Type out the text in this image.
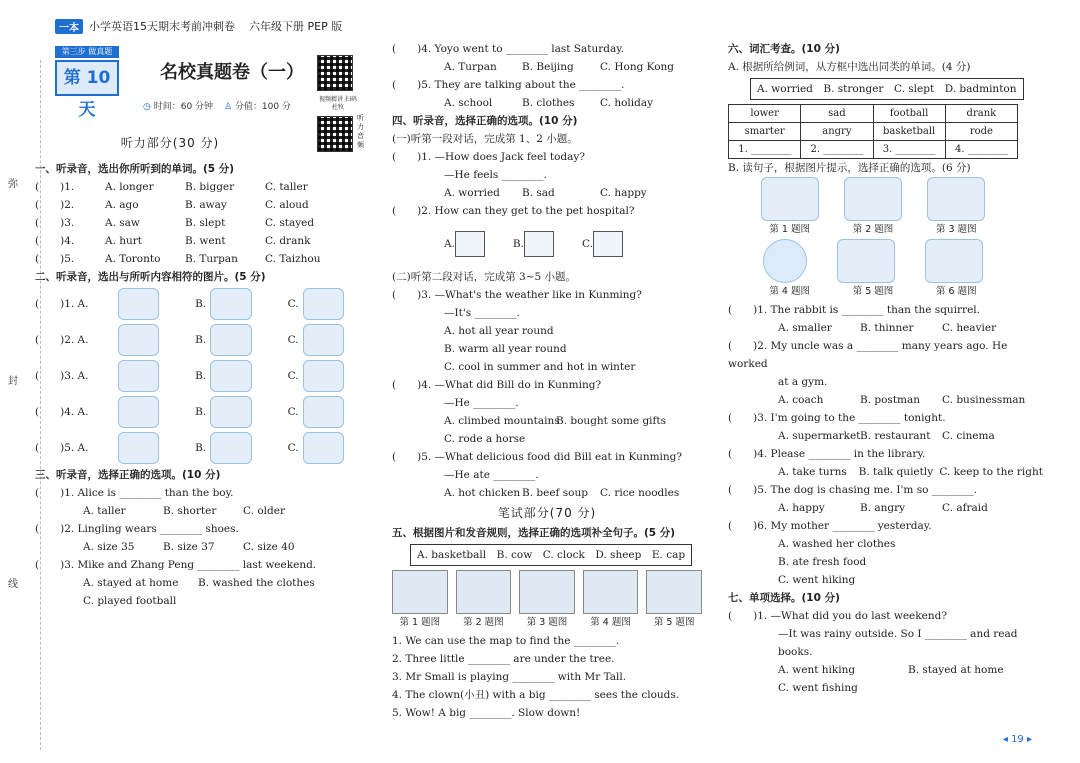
一本 小学英语15天期末考前冲刺卷 六年级下册 PEP 版
弥
封
线
第三步 做真题
第 10 天
名校真题卷（一）
◷ 时间：60 分钟 ♙ 分值：100 分
视频精讲 扫码杜牧
听力音频
听力部分(30 分)
一、听录音，选出你所听到的单词。(5 分)
(　　)1.	A. longer	B. bigger	C. taller
(　　)2.	A. ago	B. away	C. aloud
(　　)3.	A. saw	B. slept	C. stayed
(　　)4.	A. hurt	B. went	C. drank
(　　)5.	A. Toronto	B. Turpan	C. Taizhou
二、听录音，选出与所听内容相符的图片。(5 分)
(　　)1. A.	B.	C.
(　　)2. A.	B.	C.
(　　)3. A.	B.	C.
(　　)4. A.	B.	C.
(　　)5. A.	B.	C.
三、听录音，选择正确的选项。(10 分)
(　　)1. Alice is ________ than the boy.
A. taller	B. shorter	C. older
(　　)2. Lingling wears ________ shoes.
A. size 35	B. size 37	C. size 40
(　　)3. Mike and Zhang Peng ________ last weekend.
A. stayed at home	B. washed the clothes
C. played football
(　　)4. Yoyo went to ________ last Saturday.
A. Turpan	B. Beijing	C. Hong Kong
(　　)5. They are talking about the ________.
A. school	B. clothes	C. holiday
四、听录音，选择正确的选项。(10 分)
(一)听第一段对话，完成第 1、2 小题。
(　　)1. —How does Jack feel today?
—He feels ________.
A. worried	B. sad	C. happy
(　　)2. How can they get to the pet hospital?
A.	B.	C.
(二)听第二段对话，完成第 3~5 小题。
(　　)3. —What's the weather like in Kunming?
—It's ________.
A. hot all year round
B. warm all year round
C. cool in summer and hot in winter
(　　)4. —What did Bill do in Kunming?
—He ________.
A. climbed mountains
B. bought some gifts
C. rode a horse
(　　)5. —What delicious food did Bill eat in Kunming?
—He ate ________.
A. hot chicken B. beef soup	C. rice noodles
笔试部分(70 分)
五、根据图片和发音规则，选择正确的选项补全句子。(5 分)
A. basketball　B. cow　C. clock　D. sheep　E. cap
第 1 题图	第 2 题图	第 3 题图	第 4 题图	第 5 题图
1. We can use the map to find the ________.
2. Three little ________ are under the tree.
3. Mr Small is playing ________ with Mr Tall.
4. The clown(小丑) with a big ________ sees the clouds.
5. Wow! A big ________. Slow down!
六、词汇考查。(10 分)
A. 根据所给例词，从方框中选出同类的单词。(4 分)
A. worried　B. stronger　C. slept　D. badminton
lower	sad	football	drank
smarter	angry	basketball	rode
1. ________	2. ________	3. ________	4. ________
B. 读句子，根据图片提示，选择正确的选项。(6 分)
第 1 题图	第 2 题图	第 3 题图
第 4 题图	第 5 题图	第 6 题图
(　　)1. The rabbit is ________ than the squirrel.
A. smaller	B. thinner	C. heavier
(　　)2. My uncle was a ________ many years ago. He worked
at a gym.
A. coach	B. postman	C. businessman
(　　)3. I'm going to the ________ tonight.
A. supermarket B. restaurant	C. cinema
(　　)4. Please ________ in the library.
A. take turns	B. talk quietly C. keep to the right
(　　)5. The dog is chasing me. I'm so ________.
A. happy	B. angry	C. afraid
(　　)6. My mother ________ yesterday.
A. washed her clothes
B. ate fresh food
C. went hiking
七、单项选择。(10 分)
(　　)1. —What did you do last weekend?
—It was rainy outside. So I ________ and read books.
A. went hiking	B. stayed at home
C. went fishing
◂ 19 ▸
